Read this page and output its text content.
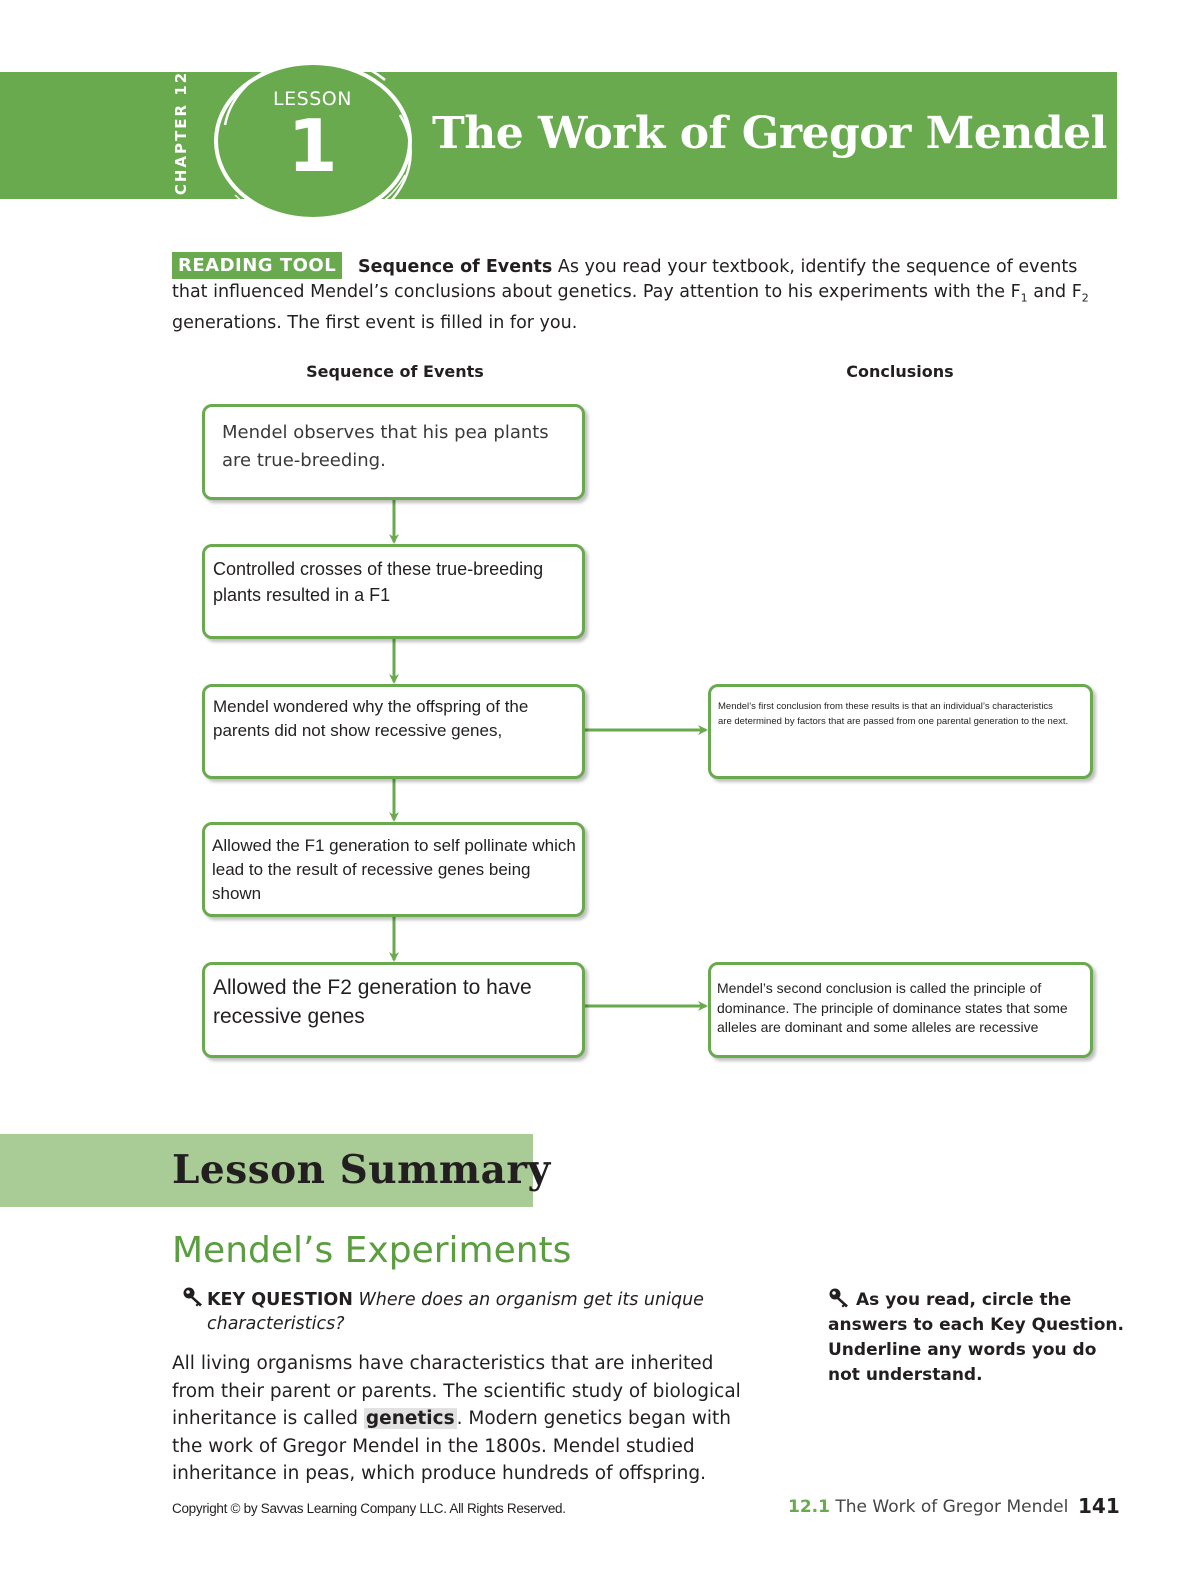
CHAPTER 12	LESSON
1	The Work of Gregor Mendel
Sequence of Events As you read your textbook, identify the sequence of events that influenced Mendel’s conclusions about genetics. Pay attention to his experiments with the $F_1$ and $F_2$ generations. The first event is filled in for you.
READING TOOL
Sequence of Events	Conclusions
Mendel observes that his pea plants are true-breeding.
Controlled crosses of these true-breeding plants resulted in a F1
Mendel wondered why the offspring of the parents did not show recessive genes,
Allowed the F1 generation to self pollinate which lead to the result of recessive genes being shown
Allowed the F2 generation to have recessive genes
Mendel’s first conclusion from these results is that an individual’s characteristics
are determined by factors that are passed from one parental generation to the next.
Mendel’s second conclusion is called the principle of dominance. The principle of dominance states that some alleles are dominant and some alleles are recessive
Lesson Summary
Mendel’s Experiments
KEY QUESTION Where does an organism get its unique characteristics?
All living organisms have characteristics that are inherited from their parent or parents. The scientific study of biological inheritance is called genetics . Modern genetics began with the work of Gregor Mendel in the 1800s. Mendel studied inheritance in peas, which produce hundreds of offspring.
As you read, circle the answers to each Key Question. Underline any words you do not understand.
Copyright © by Savvas Learning Company LLC. All Rights Reserved.	12.1 The Work of Gregor Mendel 141
